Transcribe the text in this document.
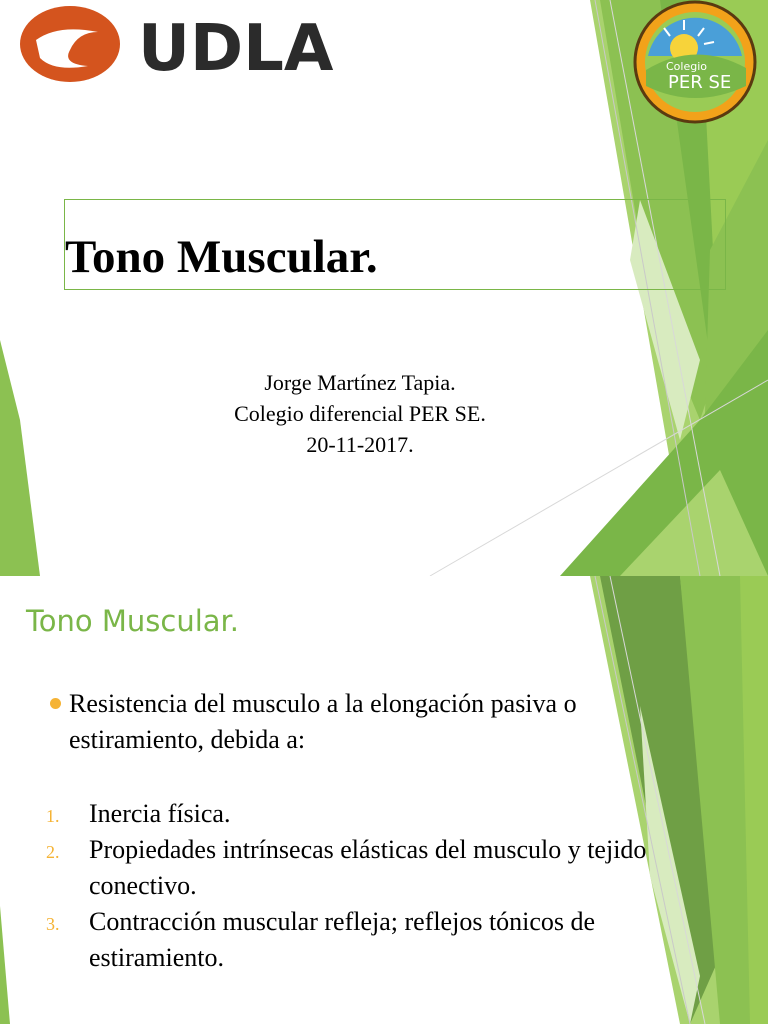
UDLA	Colegio
PER SE
Tono Muscular.
Jorge Martínez Tapia.
Colegio diferencial PER SE.
20-11-2017.
Tono Muscular.
Resistencia del musculo a la elongación pasiva o estiramiento, debida a:
1. Inercia física.
2. Propiedades intrínsecas elásticas del musculo y tejido conectivo.
3. Contracción muscular refleja; reflejos tónicos de estiramiento.
